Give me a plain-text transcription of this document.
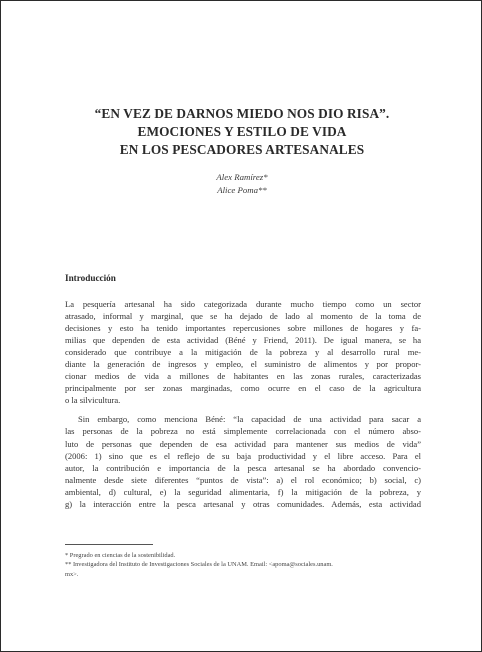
“EN VEZ DE DARNOS MIEDO NOS DIO RISA”.
EMOCIONES Y ESTILO DE VIDA
EN LOS PESCADORES ARTESANALES
Alex Ramírez*
Alice Poma**
Introducción
La pesquería artesanal ha sido categorizada durante mucho tiempo como un sector
atrasado, informal y marginal, que se ha dejado de lado al momento de la toma de
decisiones y esto ha tenido importantes repercusiones sobre millones de hogares y fa-
milias que dependen de esta actividad (Béné y Friend, 2011). De igual manera, se ha
considerado que contribuye a la mitigación de la pobreza y al desarrollo rural me-
diante la generación de ingresos y empleo, el suministro de alimentos y por propor-
cionar medios de vida a millones de habitantes en las zonas rurales, caracterizadas
principalmente por ser zonas marginadas, como ocurre en el caso de la agricultura
o la silvicultura.
Sin embargo, como menciona Béné: “la capacidad de una actividad para sacar a
las personas de la pobreza no está simplemente correlacionada con el número abso-
luto de personas que dependen de esa actividad para mantener sus medios de vida”
(2006: 1) sino que es el reflejo de su baja productividad y el libre acceso. Para el
autor, la contribución e importancia de la pesca artesanal se ha abordado convencio-
nalmente desde siete diferentes “puntos de vista”: a) el rol económico; b) social, c)
ambiental, d) cultural, e) la seguridad alimentaria, f) la mitigación de la pobreza, y
g) la interacción entre la pesca artesanal y otras comunidades. Además, esta actividad
* Pregrado en ciencias de la sostenibilidad.
** Investigadora del Instituto de Investigaciones Sociales de la UNAM. Email: <apoma@sociales.unam.
mx>.
